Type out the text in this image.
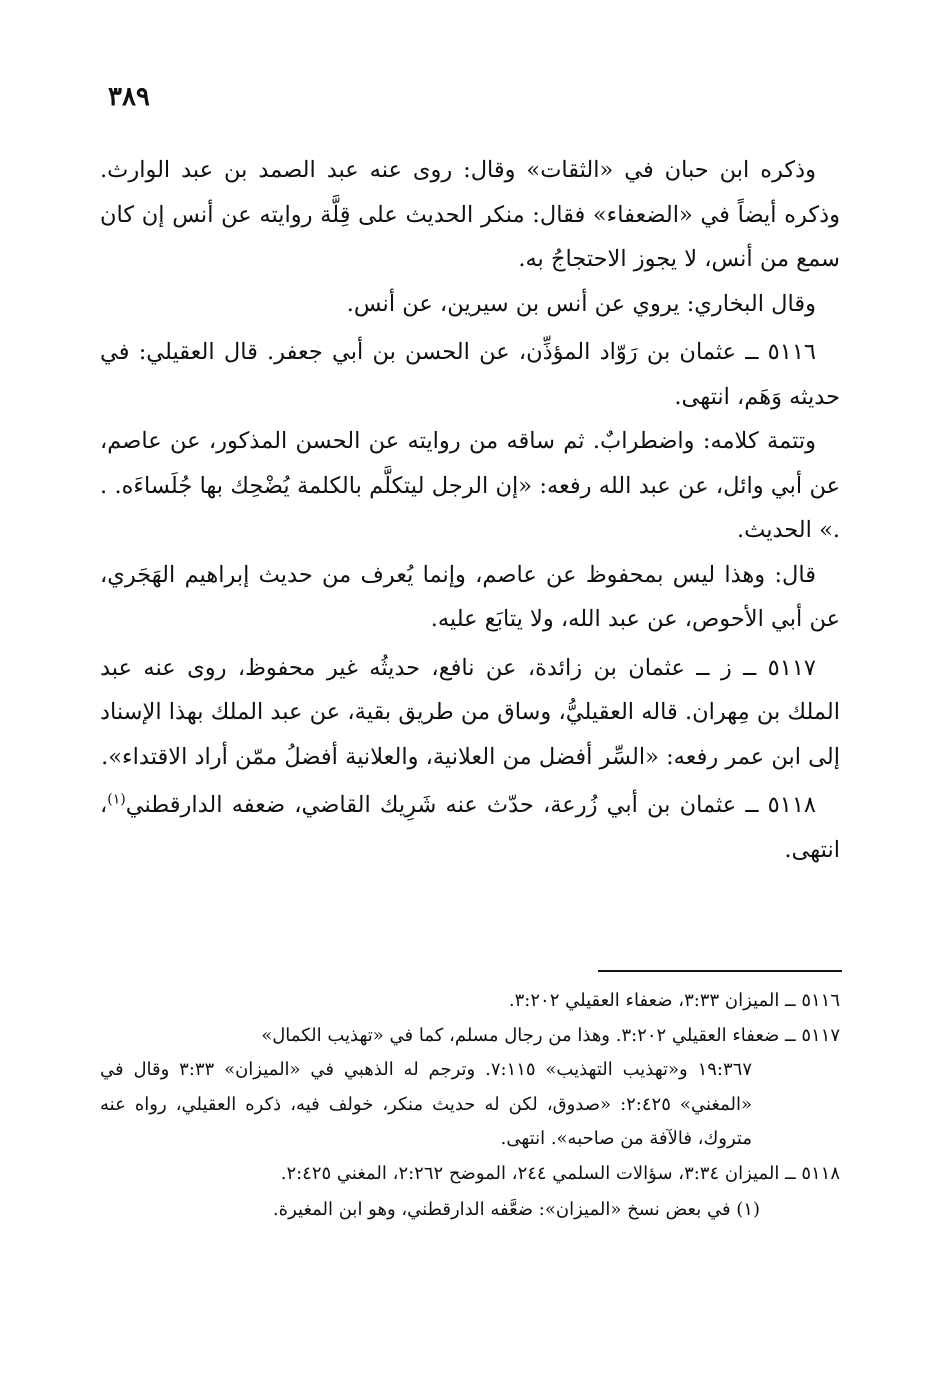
٣٨٩

وذكره ابن حبان في «الثقات» وقال: روى عنه عبد الصمد بن عبد الوارث. وذكره أيضاً في «الضعفاء» فقال: منكر الحديث على قِلَّة روايته عن أنس إن كان سمع من أنس، لا يجوز الاحتجاجُ به.

وقال البخاري: يروي عن أنس بن سيرين، عن أنس.

٥١١٦ ــ عثمان بن رَوّاد المؤذِّن، عن الحسن بن أبي جعفر. قال العقيلي: في حديثه وَهَم، انتهى.

وتتمة كلامه: واضطرابٌ. ثم ساقه من روايته عن الحسن المذكور، عن عاصم، عن أبي وائل، عن عبد الله رفعه: «إن الرجل ليتكلَّم بالكلمة يُضْحِك بها جُلَساءَه. . .» الحديث.

قال: وهذا ليس بمحفوظ عن عاصم، وإنما يُعرف من حديث إبراهيم الهَجَري، عن أبي الأحوص، عن عبد الله، ولا يتابَع عليه.

٥١١٧ ــ ز ــ عثمان بن زائدة، عن نافع، حديثُه غير محفوظ، روى عنه عبد الملك بن مِهران. قاله العقيليُّ، وساق من طريق بقية، عن عبد الملك بهذا الإسناد إلى ابن عمر رفعه: «السِّر أفضل من العلانية، والعلانية أفضلُ ممّن أراد الاقتداء».

٥١١٨ ــ عثمان بن أبي زُرعة، حدّث عنه شَرِيك القاضي، ضعفه الدارقطني$^{(١)}$، انتهى.

٥١١٦ ــ الميزان ٣:٣٣، ضعفاء العقيلي ٣:٢٠٢.

٥١١٧ ــ ضعفاء العقيلي ٣:٢٠٢. وهذا من رجال مسلم، كما في «تهذيب الكمال»

١٩:٣٦٧ و«تهذيب التهذيب» ٧:١١٥. وترجم له الذهبي في «الميزان» ٣:٣٣ وقال في «المغني» ٢:٤٢٥: «صدوق، لكن له حديث منكر، خولف فيه، ذكره العقيلي، رواه عنه متروك، فالآفة من صاحبه». انتهى.

٥١١٨ ــ الميزان ٣:٣٤، سؤالات السلمي ٢٤٤، الموضح ٢:٢٦٢، المغني ٢:٤٢٥.

(١) في بعض نسخ «الميزان»: ضعَّفه الدارقطني، وهو ابن المغيرة.
